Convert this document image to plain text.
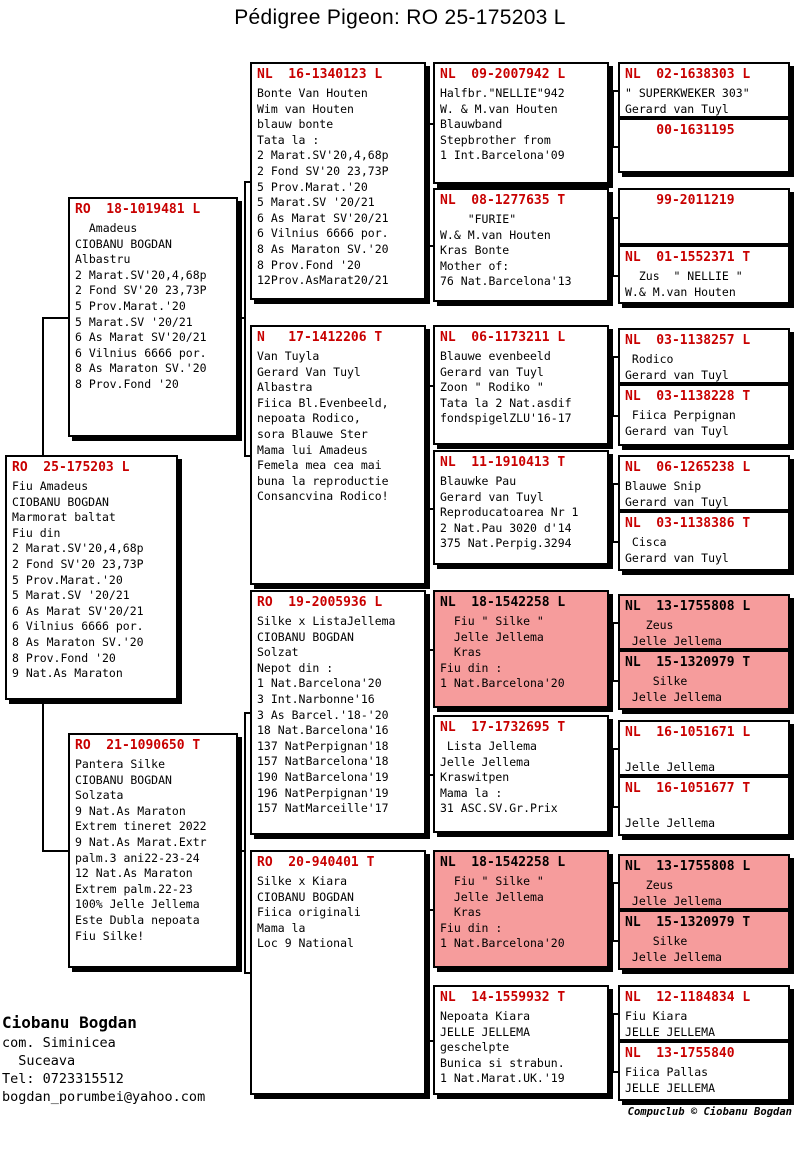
Pédigree Pigeon: RO 25-175203 L
RO  25-175203 L
Fiu Amadeus
CIOBANU BOGDAN
Marmorat baltat
Fiu din
2 Marat.SV'20,4,68p
2 Fond SV'20 23,73P
5 Prov.Marat.'20
5 Marat.SV '20/21
6 As Marat SV'20/21
6 Vilnius 6666 por.
8 As Maraton SV.'20
8 Prov.Fond '20
9 Nat.As Maraton
RO  18-1019481 L
Amadeus
CIOBANU BOGDAN
Albastru
2 Marat.SV'20,4,68p
2 Fond SV'20 23,73P
5 Prov.Marat.'20
5 Marat.SV '20/21
6 As Marat SV'20/21
6 Vilnius 6666 por.
8 As Maraton SV.'20
8 Prov.Fond '20
RO  21-1090650 T
Pantera Silke
CIOBANU BOGDAN
Solzata
9 Nat.As Maraton
Extrem tineret 2022
9 Nat.As Marat.Extr
palm.3 ani22-23-24
12 Nat.As Maraton
Extrem palm.22-23
100% Jelle Jellema
Este Dubla nepoata
Fiu Silke!
NL  16-1340123 L
Bonte Van Houten
Wim van Houten
blauw bonte
Tata la :
2 Marat.SV'20,4,68p
2 Fond SV'20 23,73P
5 Prov.Marat.'20
5 Marat.SV '20/21
6 As Marat SV'20/21
6 Vilnius 6666 por.
8 As Maraton SV.'20
8 Prov.Fond '20
12Prov.AsMarat20/21
N   17-1412206 T
Van Tuyla
Gerard Van Tuyl
Albastra
Fiica Bl.Evenbeeld,
nepoata Rodico,
sora Blauwe Ster
Mama lui Amadeus
Femela mea cea mai
buna la reproductie
Consancvina Rodico!
RO  19-2005936 L
Silke x ListaJellema
CIOBANU BOGDAN
Solzat
Nepot din :
1 Nat.Barcelona'20
3 Int.Narbonne'16
3 As Barcel.'18-'20
18 Nat.Barcelona'16
137 NatPerpignan'18
157 NatBarcelona'18
190 NatBarcelona'19
196 NatPerpignan'19
157 NatMarceille'17
RO  20-940401 T
Silke x Kiara
CIOBANU BOGDAN
Fiica originali
Mama la
Loc 9 National
NL  09-2007942 L
Halfbr."NELLIE"942
W. & M.van Houten
Blauwband
Stepbrother from
1 Int.Barcelona'09
NL  08-1277635 T
"FURIE"
W.& M.van Houten
Kras Bonte
Mother of:
76 Nat.Barcelona'13
NL  06-1173211 L
Blauwe evenbeeld
Gerard van Tuyl
Zoon " Rodiko "
Tata la 2 Nat.asdif
fondspigelZLU'16-17
NL  11-1910413 T
Blauwke Pau
Gerard van Tuyl
Reproducatoarea Nr 1
2 Nat.Pau 3020 d'14
375 Nat.Perpig.3294
NL  18-1542258 L
Fiu " Silke "
Jelle Jellema
Kras
Fiu din :
1 Nat.Barcelona'20
NL  17-1732695 T
Lista Jellema
Jelle Jellema
Kraswitpen
Mama la :
31 ASC.SV.Gr.Prix
NL  18-1542258 L
Fiu " Silke "
Jelle Jellema
Kras
Fiu din :
1 Nat.Barcelona'20
NL  14-1559932 T
Nepoata Kiara
JELLE JELLEMA
geschelpte
Bunica si strabun.
1 Nat.Marat.UK.'19
NL  02-1638303 L
" SUPERKWEKER 303"
Gerard van Tuyl
00-1631195
99-2011219
NL  01-1552371 T
Zus  " NELLIE "
W.& M.van Houten
NL  03-1138257 L
Rodico
Gerard van Tuyl
NL  03-1138228 T
Fiica Perpignan
Gerard van Tuyl
NL  06-1265238 L
Blauwe Snip
Gerard van Tuyl
NL  03-1138386 T
Cisca
Gerard van Tuyl
NL  13-1755808 L
Zeus
Jelle Jellema
NL  15-1320979 T
Silke
Jelle Jellema
NL  16-1051671 L

Jelle Jellema
NL  16-1051677 T

Jelle Jellema
NL  13-1755808 L
Zeus
Jelle Jellema
NL  15-1320979 T
Silke
Jelle Jellema
NL  12-1184834 L
Fiu Kiara
JELLE JELLEMA
NL  13-1755840
Fiica Pallas
JELLE JELLEMA
Ciobanu Bogdan
com. Siminicea
Suceava
Tel: 0723315512
bogdan_porumbei@yahoo.com
Compuclub © Ciobanu Bogdan
